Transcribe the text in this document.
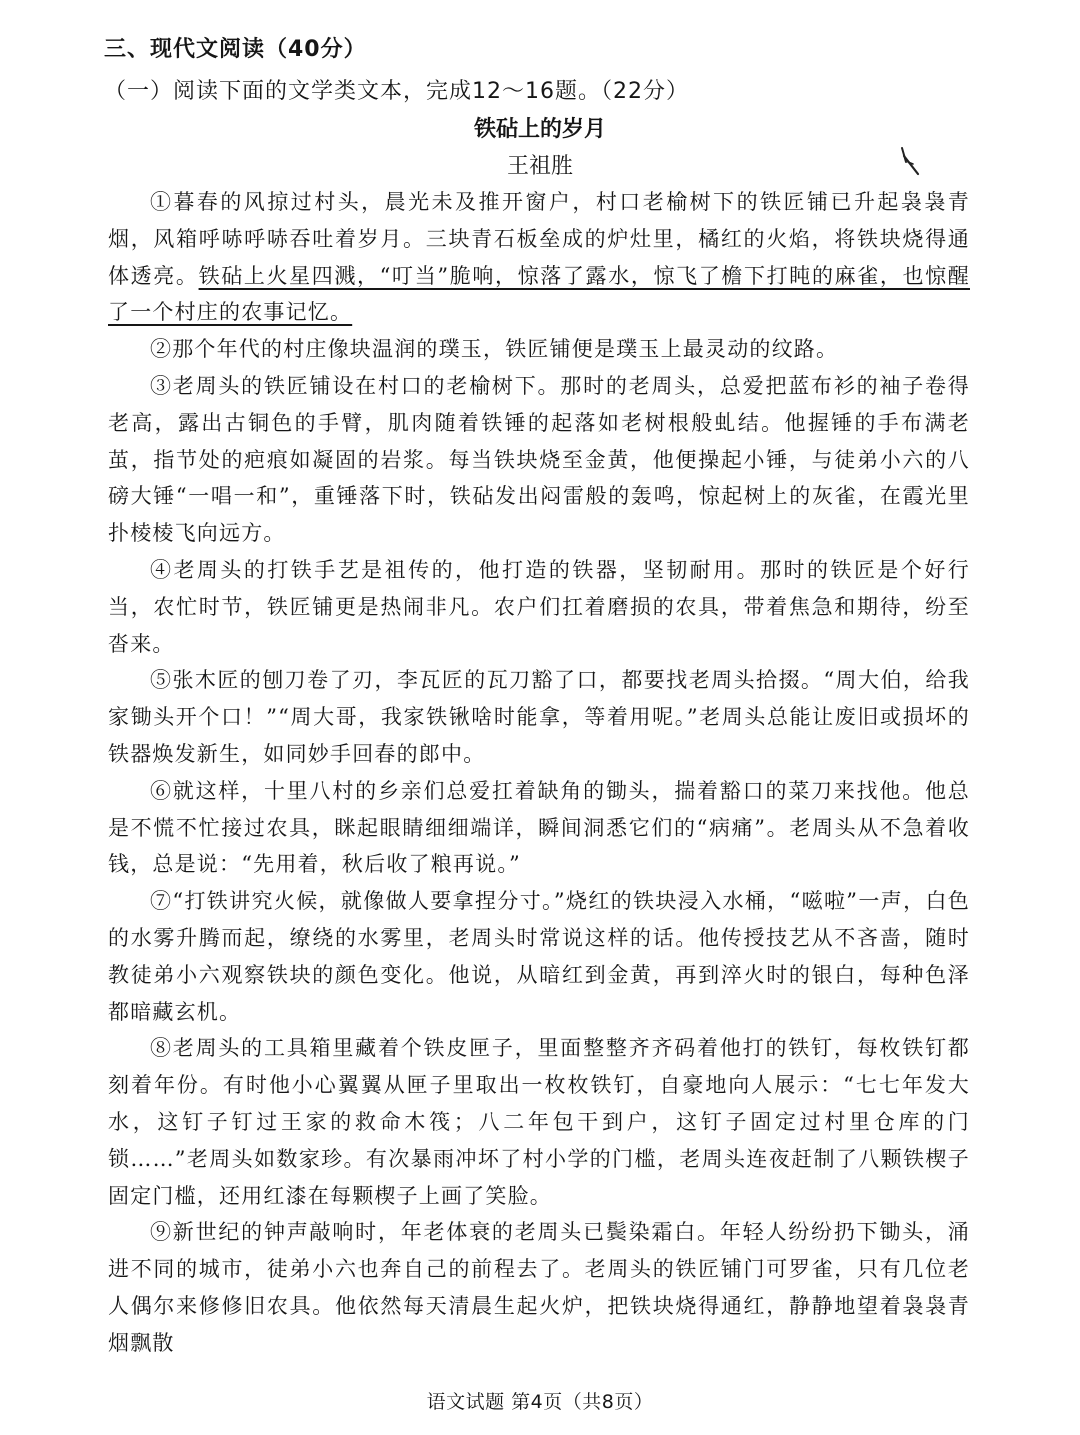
三、现代文阅读（40分）
（一）阅读下面的文学类文本，完成12～16题。（22分）
铁砧上的岁月
王祖胜

①暮春的风掠过村头，晨光未及推开窗户，村口老榆树下的铁匠铺已升起袅袅青烟，风箱呼哧呼哧吞吐着岁月。三块青石板垒成的炉灶里，橘红的火焰，将铁块烧得通体透亮。铁砧上火星四溅，“叮当”脆响，惊落了露水，惊飞了檐下打盹的麻雀，也惊醒了一个村庄的农事记忆。

②那个年代的村庄像块温润的璞玉，铁匠铺便是璞玉上最灵动的纹路。

③老周头的铁匠铺设在村口的老榆树下。那时的老周头，总爱把蓝布衫的袖子卷得老高，露出古铜色的手臂，肌肉随着铁锤的起落如老树根般虬结。他握锤的手布满老茧，指节处的疤痕如凝固的岩浆。每当铁块烧至金黄，他便操起小锤，与徒弟小六的八磅大锤“一唱一和”，重锤落下时，铁砧发出闷雷般的轰鸣，惊起树上的灰雀，在霞光里扑棱棱飞向远方。

④老周头的打铁手艺是祖传的，他打造的铁器，坚韧耐用。那时的铁匠是个好行当，农忙时节，铁匠铺更是热闹非凡。农户们扛着磨损的农具，带着焦急和期待，纷至沓来。

⑤张木匠的刨刀卷了刃，李瓦匠的瓦刀豁了口，都要找老周头拾掇。“周大伯，给我家锄头开个口！”“周大哥，我家铁锹啥时能拿，等着用呢。”老周头总能让废旧或损坏的铁器焕发新生，如同妙手回春的郎中。

⑥就这样，十里八村的乡亲们总爱扛着缺角的锄头，揣着豁口的菜刀来找他。他总是不慌不忙接过农具，眯起眼睛细细端详，瞬间洞悉它们的“病痛”。老周头从不急着收钱，总是说：“先用着，秋后收了粮再说。”

⑦“打铁讲究火候，就像做人要拿捏分寸。”烧红的铁块浸入水桶，“嗞啦”一声，白色的水雾升腾而起，缭绕的水雾里，老周头时常说这样的话。他传授技艺从不吝啬，随时教徒弟小六观察铁块的颜色变化。他说，从暗红到金黄，再到淬火时的银白，每种色泽都暗藏玄机。

⑧老周头的工具箱里藏着个铁皮匣子，里面整整齐齐码着他打的铁钉，每枚铁钉都刻着年份。有时他小心翼翼从匣子里取出一枚枚铁钉，自豪地向人展示：“七七年发大水，这钉子钉过王家的救命木筏；八二年包干到户，这钉子固定过村里仓库的门锁……”老周头如数家珍。有次暴雨冲坏了村小学的门槛，老周头连夜赶制了八颗铁楔子固定门槛，还用红漆在每颗楔子上画了笑脸。

⑨新世纪的钟声敲响时，年老体衰的老周头已鬓染霜白。年轻人纷纷扔下锄头，涌进不同的城市，徒弟小六也奔自己的前程去了。老周头的铁匠铺门可罗雀，只有几位老人偶尔来修修旧农具。他依然每天清晨生起火炉，把铁块烧得通红，静静地望着袅袅青烟飘散

语文试题 第4页（共8页）
